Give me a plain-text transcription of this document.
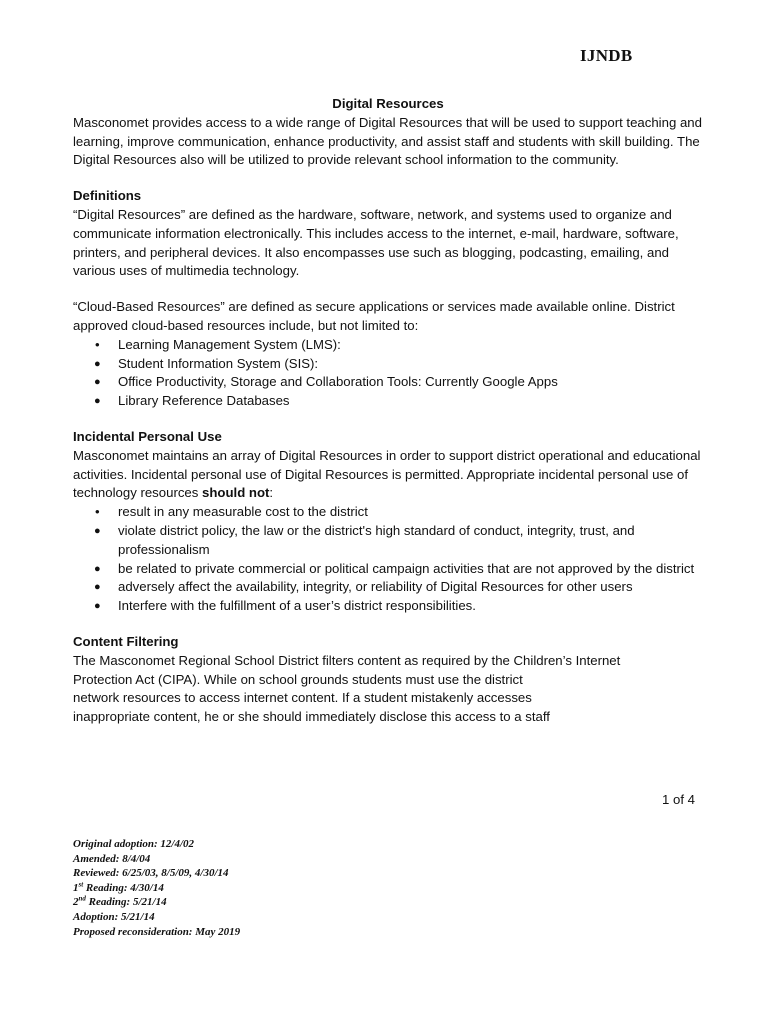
IJNDB

Digital Resources

Masconomet provides access to a wide range of Digital Resources that will be used to support teaching and learning, improve communication, enhance productivity, and assist staff and students with skill building. The Digital Resources also will be utilized to provide relevant school information to the community.

Definitions

“Digital Resources” are defined as the hardware, software, network, and systems used to organize and communicate information electronically. This includes access to the internet, e-mail, hardware, software, printers, and peripheral devices. It also encompasses use such as blogging, podcasting, emailing, and various uses of multimedia technology.

“Cloud-Based Resources” are defined as secure applications or services made available online. District approved cloud-based resources include, but not limited to:

• Learning Management System (LMS):
● Student Information System (SIS):
● Office Productivity, Storage and Collaboration Tools: Currently Google Apps
● Library Reference Databases

Incidental Personal Use

Masconomet maintains an array of Digital Resources in order to support district operational and educational activities. Incidental personal use of Digital Resources is permitted. Appropriate incidental personal use of technology resources should not:

• result in any measurable cost to the district
● violate district policy, the law or the district's high standard of conduct, integrity, trust, and professionalism
● be related to private commercial or political campaign activities that are not approved by the district
● adversely affect the availability, integrity, or reliability of Digital Resources for other users
● Interfere with the fulfillment of a user’s district responsibilities.

Content Filtering

The Masconomet Regional School District filters content as required by the Children’s Internet

Protection Act (CIPA). While on school grounds students must use the district

network resources to access internet content. If a student mistakenly accesses

inappropriate content, he or she should immediately disclose this access to a staff

1 of 4
Original adoption: 12/4/02
Amended: 8/4/04
Reviewed: 6/25/03, 8/5/09, 4/30/14
1st Reading: 4/30/14
2nd Reading: 5/21/14
Adoption: 5/21/14
Proposed reconsideration: May 2019
